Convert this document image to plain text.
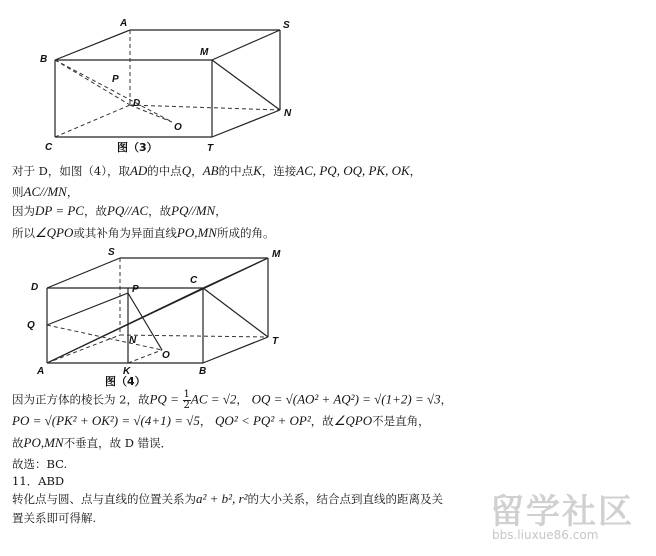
A	S
B
M
P
D
N
O
C	T
图（3）
S	M
D	P
C
Q
N	T
O
A	K	B
图（4）
对于 D，如图（4），取AD的中点Q，AB的中点K，连接AC, PQ, OQ, PK, OK，
则AC//MN，
因为DP = PC，故PQ//AC，故PQ//MN，
所以∠QPO或其补角为异面直线PO,MN所成的角。
因为正方体的棱长为 2，故PQ = $\frac{1}{2}$ AC = √2， OQ = √(AO² + AQ²) = √(1+2) = √3，
PO = √(PK² + OK²) = √(4+1) = √5， QO² < PQ² + OP²，故∠QPO不是直角，
故PO,MN不垂直，故 D 错误．
故选：BC.
11．ABD
转化点与圆、点与直线的位置关系为a² + b², r²的大小关系，结合点到直线的距离及关
置关系即可得解.	留学社区
bbs.liuxue86.com
